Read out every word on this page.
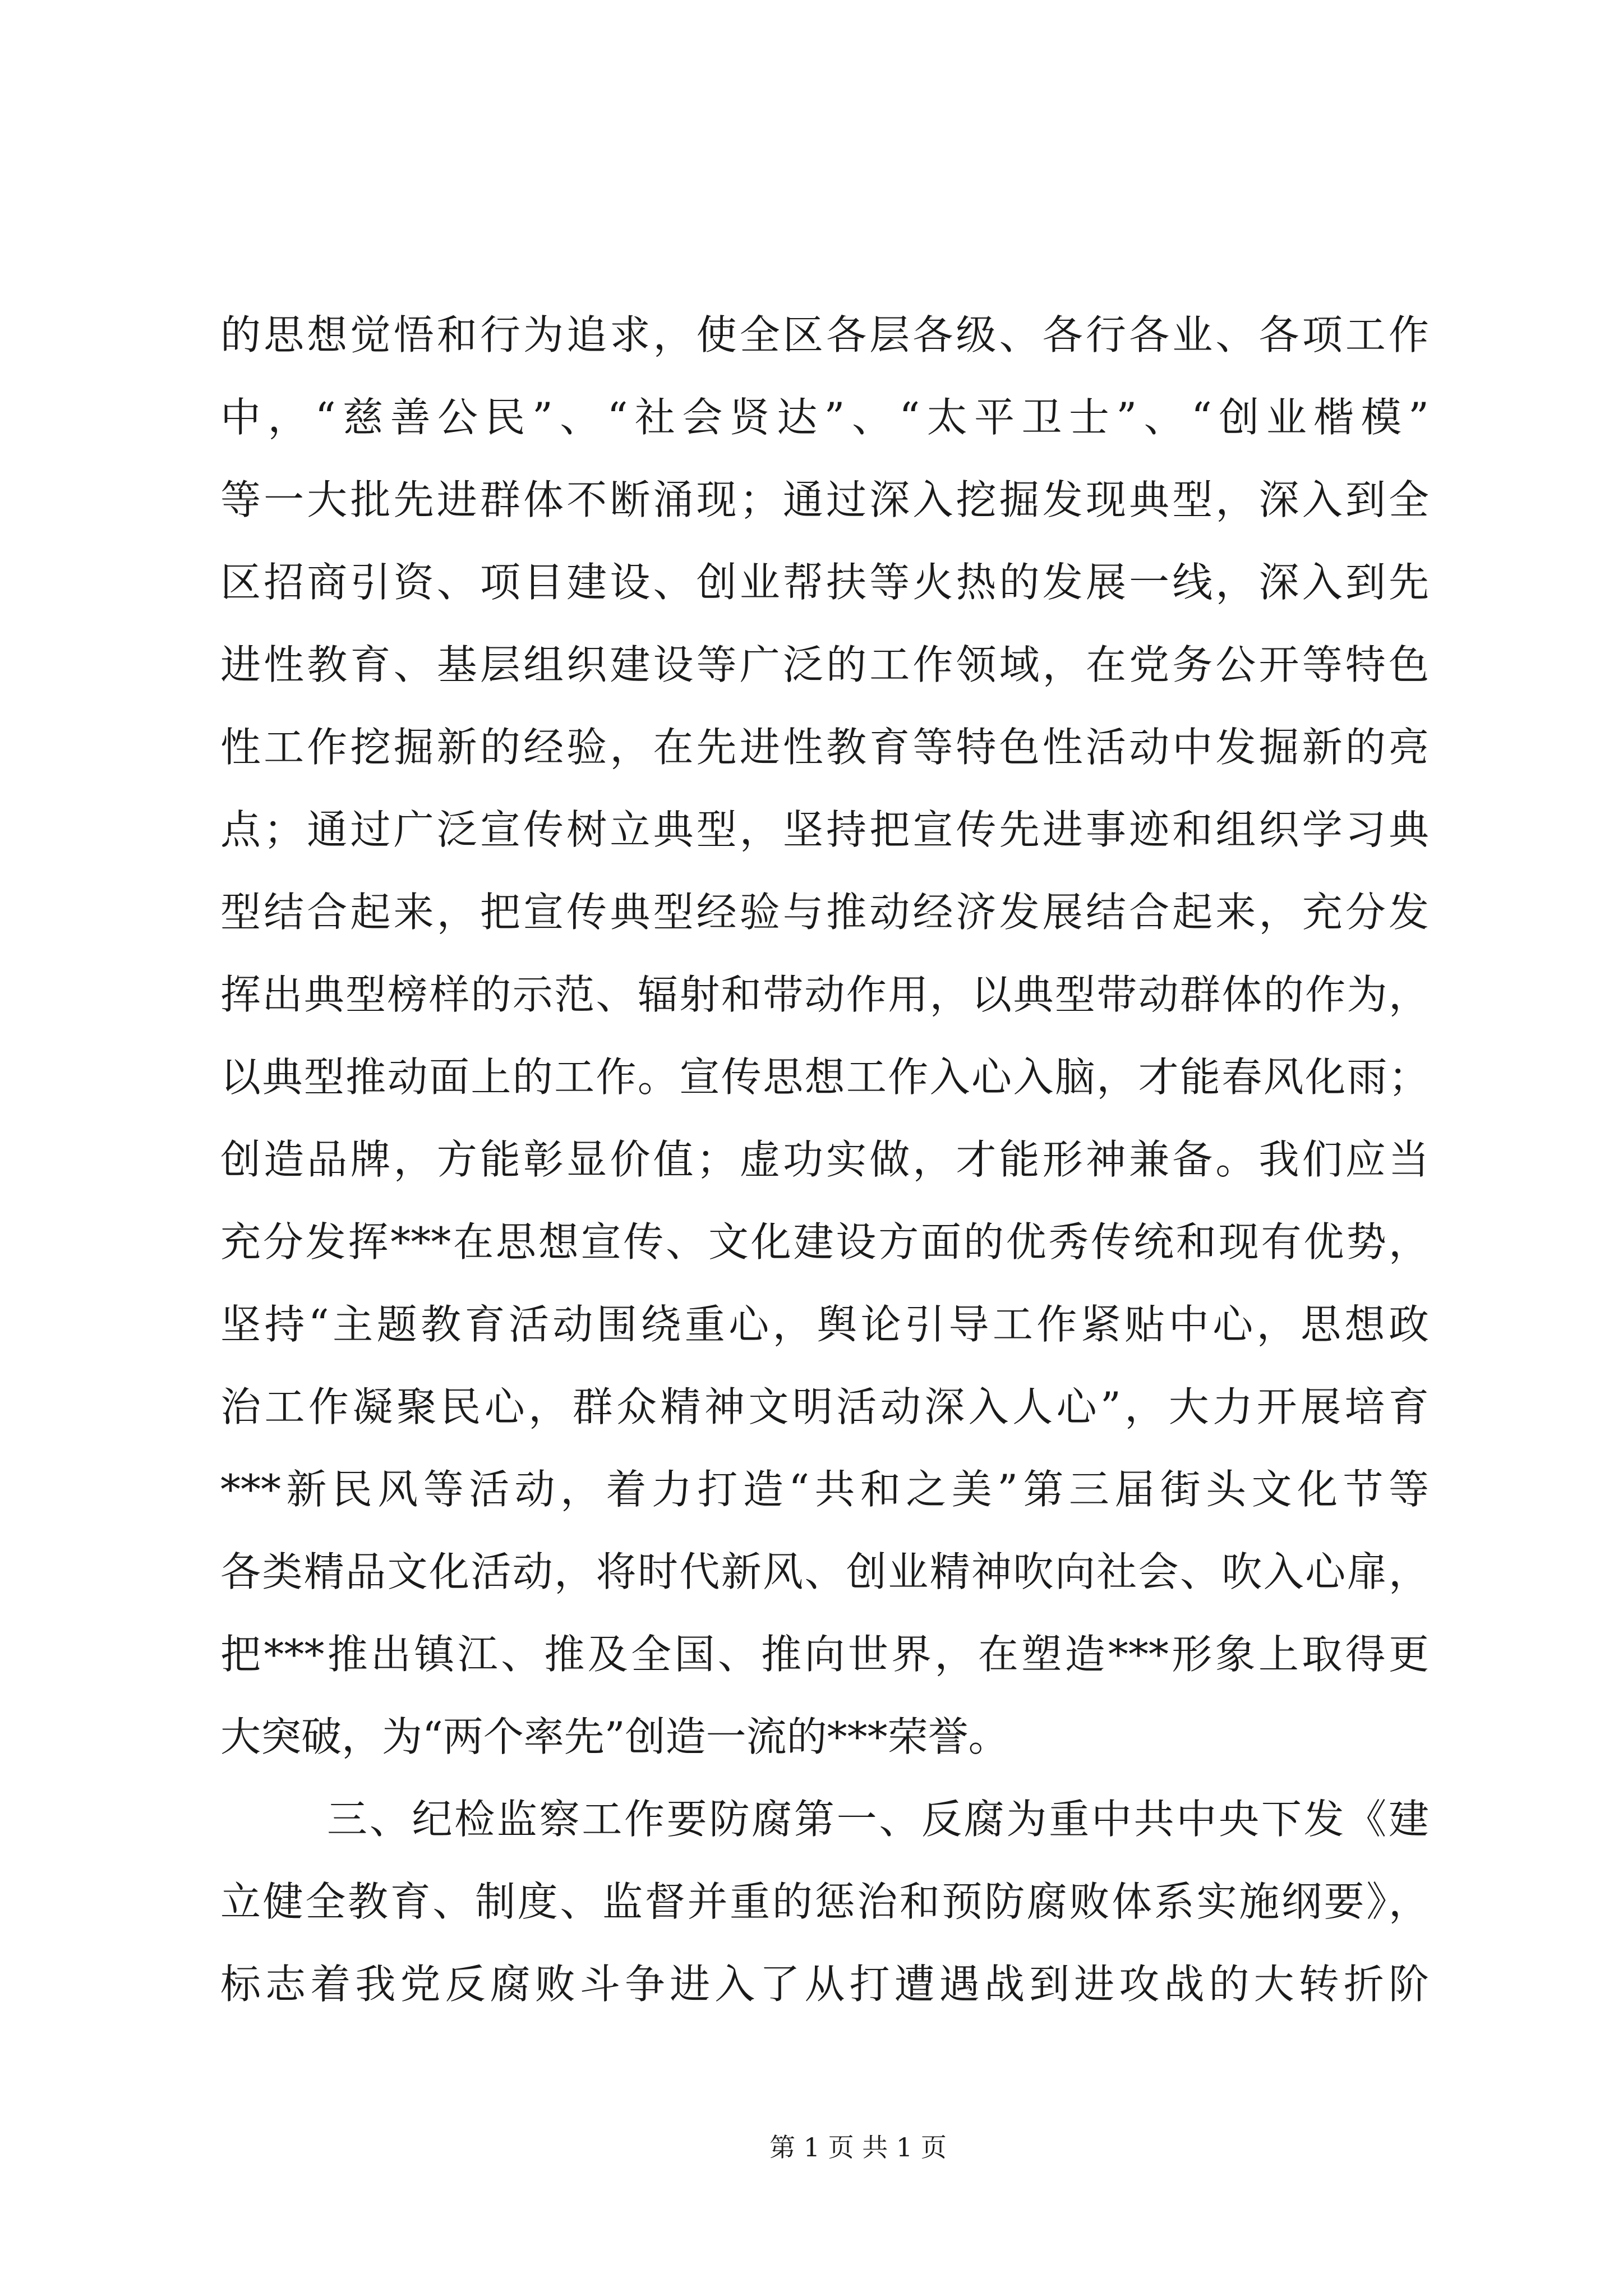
的思想觉悟和行为追求，使全区各层各级、各行各业、各项工作
中，“慈善公民”、“社会贤达”、“太平卫士”、“创业楷模”
等一大批先进群体不断涌现；通过深入挖掘发现典型，深入到全
区招商引资、项目建设、创业帮扶等火热的发展一线，深入到先
进性教育、基层组织建设等广泛的工作领域，在党务公开等特色
性工作挖掘新的经验，在先进性教育等特色性活动中发掘新的亮
点；通过广泛宣传树立典型，坚持把宣传先进事迹和组织学习典
型结合起来，把宣传典型经验与推动经济发展结合起来，充分发
挥出典型榜样的示范、辐射和带动作用，以典型带动群体的作为，
以典型推动面上的工作。宣传思想工作入心入脑，才能春风化雨；
创造品牌，方能彰显价值；虚功实做，才能形神兼备。我们应当
充分发挥***在思想宣传、文化建设方面的优秀传统和现有优势，
坚持“主题教育活动围绕重心，舆论引导工作紧贴中心，思想政
治工作凝聚民心，群众精神文明活动深入人心”，大力开展培育
***新民风等活动，着力打造“共和之美”第三届街头文化节等
各类精品文化活动，将时代新风、创业精神吹向社会、吹入心扉，
把***推出镇江、推及全国、推向世界，在塑造***形象上取得更
大突破，为“两个率先”创造一流的***荣誉。
三、纪检监察工作要防腐第一、反腐为重中共中央下发《建
立健全教育、制度、监督并重的惩治和预防腐败体系实施纲要》，
标志着我党反腐败斗争进入了从打遭遇战到进攻战的大转折阶
第 1 页 共 1 页
